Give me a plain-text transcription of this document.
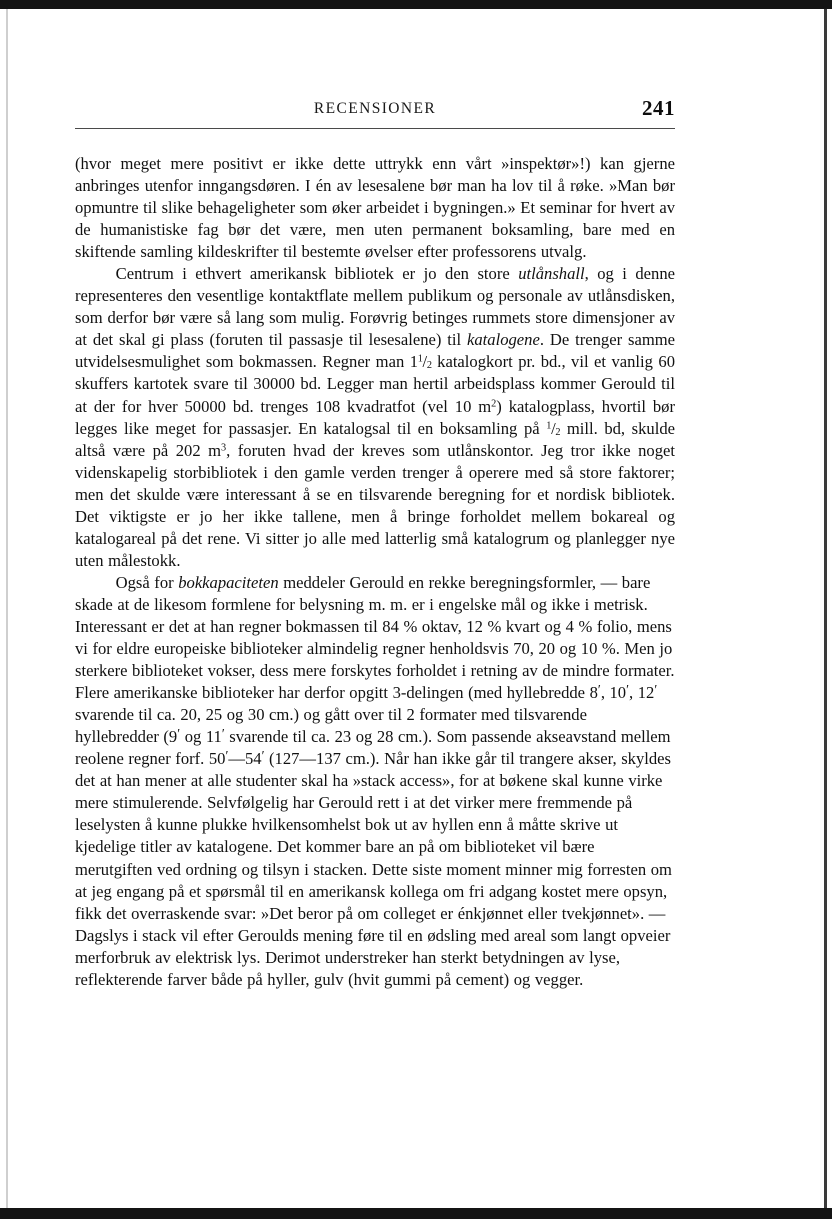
RECENSIONER	241

(hvor meget mere positivt er ikke dette uttrykk enn vårt »inspektør»!) kan gjerne anbringes utenfor inngangsdøren. I én av lesesalene bør man ha lov til å røke. »Man bør opmuntre til slike behageligheter som øker arbeidet i bygningen.» Et seminar for hvert av de humanistiske fag bør det være, men uten permanent boksamling, bare med en skiftende samling kildeskrifter til bestemte øvelser efter professorens utvalg.

Centrum i ethvert amerikansk bibliotek er jo den store utlånshall, og i denne representeres den vesentlige kontaktflate mellem publikum og personale av utlånsdisken, som derfor bør være så lang som mulig. Forøvrig betinges rummets store dimensjoner av at det skal gi plass (foruten til passasje til lesesalene) til katalogene. De trenger samme utvidelsesmulighet som bokmassen. Regner man $1^1/_2$ katalogkort pr. bd., vil et vanlig 60 skuffers kartotek svare til 30000 bd. Legger man hertil arbeidsplass kommer Gerould til at der for hver 50000 bd. trenges 108 kvadratfot (vel 10 $m^2$) katalogplass, hvortil bør legges like meget for passasjer. En katalogsal til en boksamling på $^1/_2$ mill. bd, skulde altså være på 202 $m^3$, foruten hvad der kreves som utlånskontor. Jeg tror ikke noget videnskapelig storbibliotek i den gamle verden trenger å operere med så store faktorer; men det skulde være interessant å se en tilsvarende beregning for et nordisk bibliotek. Det viktigste er jo her ikke tallene, men å bringe forholdet mellem bokareal og katalogareal på det rene. Vi sitter jo alle med latterlig små katalogrum og planlegger nye uten målestokk.

Også for bokkapaciteten meddeler Gerould en rekke beregningsformler, — bare skade at de likesom formlene for belysning m. m. er i engelske mål og ikke i metrisk. Interessant er det at han regner bokmassen til 84 % oktav, 12 % kvart og 4 % folio, mens vi for eldre europeiske biblioteker almindelig regner henholdsvis 70, 20 og 10 %. Men jo sterkere biblioteket vokser, dess mere forskytes forholdet i retning av de mindre formater. Flere amerikanske biblioteker har derfor opgitt 3-delingen (med hyllebredde 8′, 10′, 12′ svarende til ca. 20, 25 og 30 cm.) og gått over til 2 formater med tilsvarende hyllebredder (9′ og 11′ svarende til ca. 23 og 28 cm.). Som passende akseavstand mellem reolene regner forf. 50′—54′ (127—137 cm.). Når han ikke går til trangere akser, skyldes det at han mener at alle studenter skal ha »stack access», for at bøkene skal kunne virke mere stimulerende. Selvfølgelig har Gerould rett i at det virker mere fremmende på leselysten å kunne plukke hvilkensomhelst bok ut av hyllen enn å måtte skrive ut kjedelige titler av katalogene. Det kommer bare an på om biblioteket vil bære merutgiften ved ordning og tilsyn i stacken. Dette siste moment minner mig forresten om at jeg engang på et spørsmål til en amerikansk kollega om fri adgang kostet mere opsyn, fikk det overraskende svar: »Det beror på om colleget er énkjønnet eller tvekjønnet». — Dagslys i stack vil efter Geroulds mening føre til en ødsling med areal som langt opveier merforbruk av elektrisk lys. Derimot understreker han sterkt betydningen av lyse, reflekterende farver både på hyller, gulv (hvit gummi på cement) og vegger.
